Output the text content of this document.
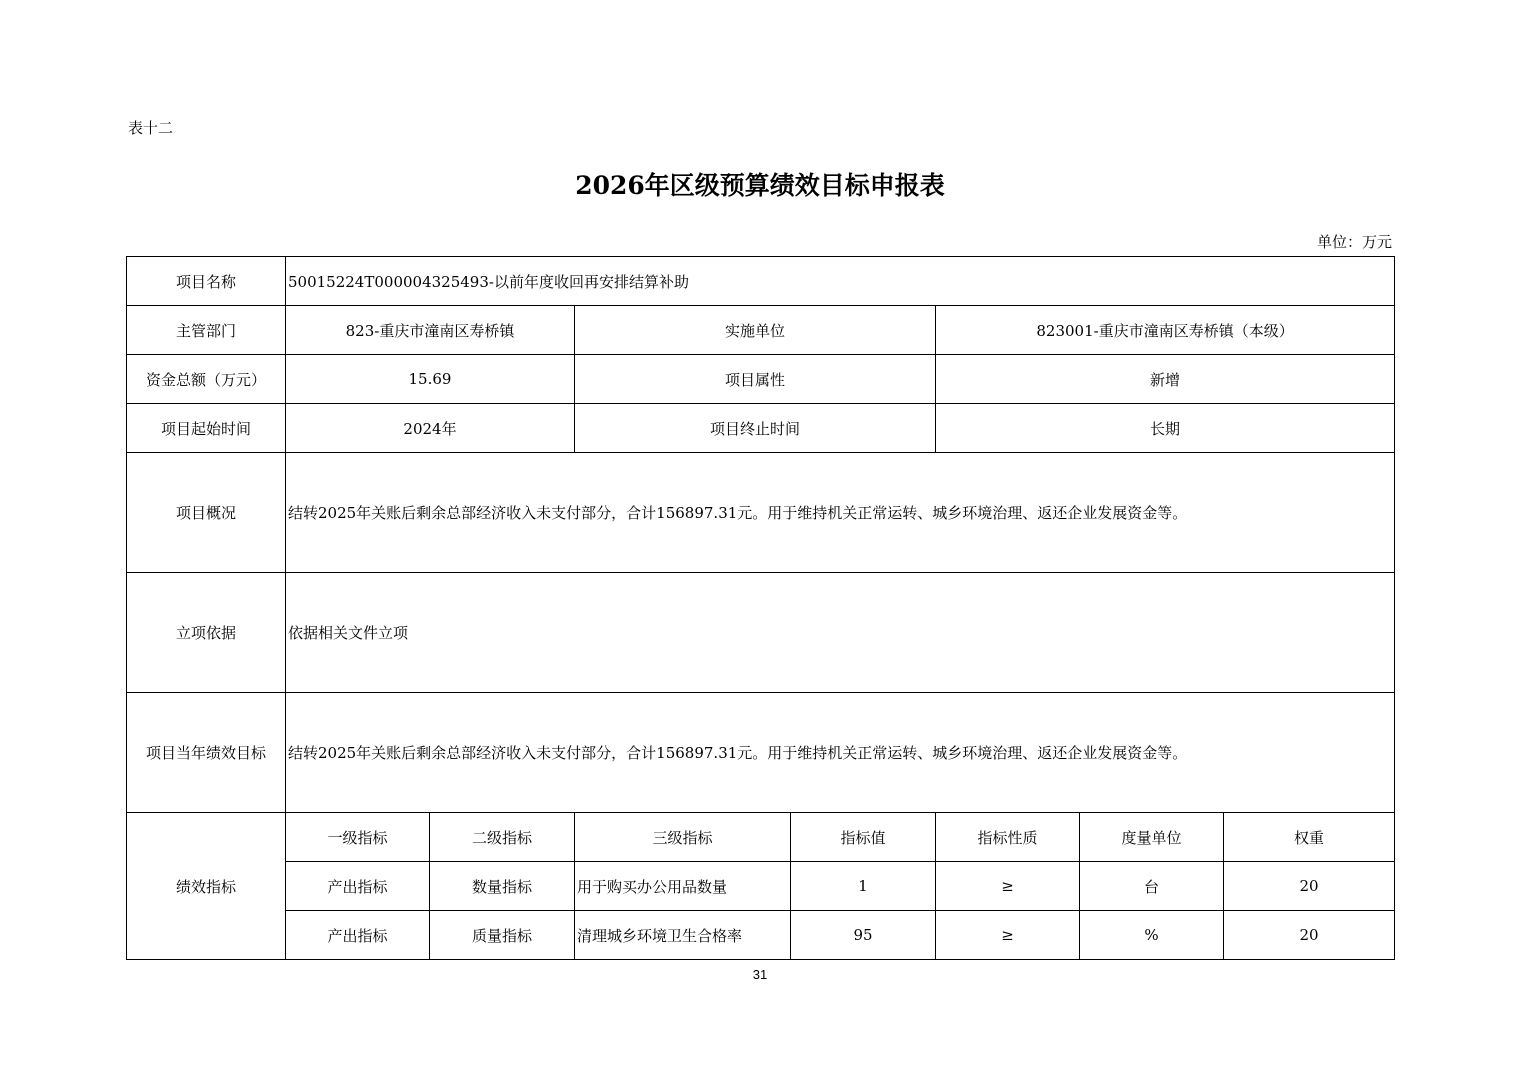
表十二
2026年区级预算绩效目标申报表
单位：万元
项目名称	50015224T000004325493-以前年度收回再安排结算补助						
主管部门	823-重庆市潼南区寿桥镇		实施单位		823001-重庆市潼南区寿桥镇（本级）		
资金总额（万元）	15.69		项目属性		新增		
项目起始时间	2024年		项目终止时间		长期		
项目概况	结转2025年关账后剩余总部经济收入未支付部分，合计156897.31元。用于维持机关正常运转、城乡环境治理、返还企业发展资金等。						
立项依据	依据相关文件立项						
项目当年绩效目标	结转2025年关账后剩余总部经济收入未支付部分，合计156897.31元。用于维持机关正常运转、城乡环境治理、返还企业发展资金等。						
绩效指标	一级指标	二级指标	三级指标	指标值	指标性质	度量单位	权重
	产出指标	数量指标	用于购买办公用品数量	1	≥	台	20
	产出指标	质量指标	清理城乡环境卫生合格率	95	≥	%	20
31
